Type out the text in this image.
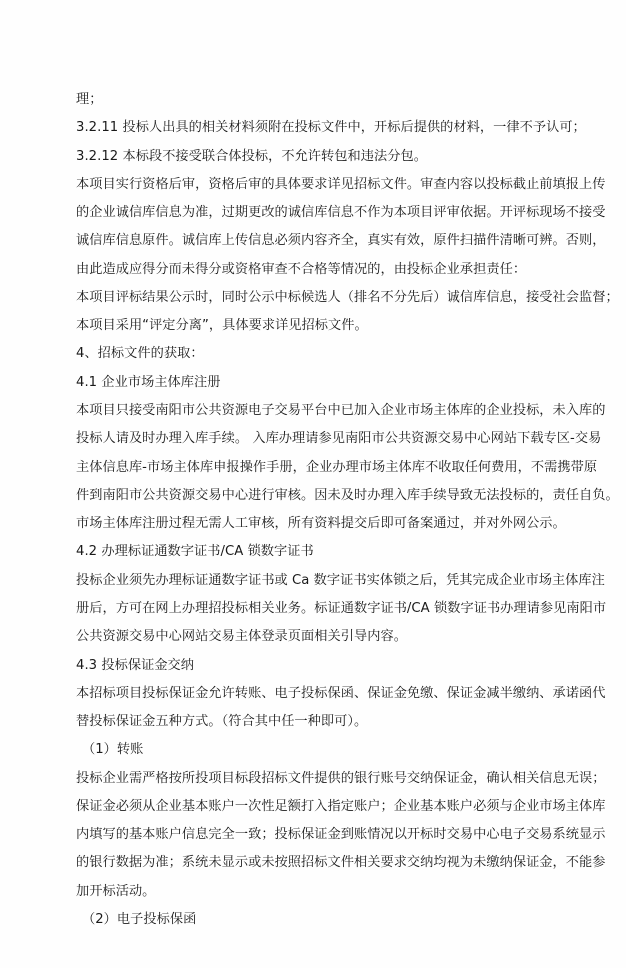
理；
3.2.11 投标人出具的相关材料须附在投标文件中，开标后提供的材料，一律不予认可；
3.2.12 本标段不接受联合体投标，不允许转包和违法分包。
本项目实行资格后审，资格后审的具体要求详见招标文件。审查内容以投标截止前填报上传
的企业诚信库信息为准，过期更改的诚信库信息不作为本项目评审依据。开评标现场不接受
诚信库信息原件。诚信库上传信息必须内容齐全，真实有效，原件扫描件清晰可辨。否则，
由此造成应得分而未得分或资格审查不合格等情况的，由投标企业承担责任：
本项目评标结果公示时，同时公示中标候选人（排名不分先后）诚信库信息，接受社会监督；
本项目采用“评定分离”，具体要求详见招标文件。
4、招标文件的获取：
4.1 企业市场主体库注册
本项目只接受南阳市公共资源电子交易平台中已加入企业市场主体库的企业投标，未入库的
投标人请及时办理入库手续。 入库办理请参见南阳市公共资源交易中心网站下载专区-交易
主体信息库-市场主体库申报操作手册，企业办理市场主体库不收取任何费用，不需携带原
件到南阳市公共资源交易中心进行审核。因未及时办理入库手续导致无法投标的，责任自负。
市场主体库注册过程无需人工审核，所有资料提交后即可备案通过，并对外网公示。
4.2 办理标证通数字证书/CA 锁数字证书
投标企业须先办理标证通数字证书或 Ca 数字证书实体锁之后，凭其完成企业市场主体库注
册后，方可在网上办理招投标相关业务。标证通数字证书/CA 锁数字证书办理请参见南阳市
公共资源交易中心网站交易主体登录页面相关引导内容。
4.3 投标保证金交纳
本招标项目投标保证金允许转账、电子投标保函、保证金免缴、保证金减半缴纳、承诺函代
替投标保证金五种方式。（符合其中任一种即可）。
（1）转账
投标企业需严格按所投项目标段招标文件提供的银行账号交纳保证金，确认相关信息无误；
保证金必须从企业基本账户一次性足额打入指定账户；企业基本账户必须与企业市场主体库
内填写的基本账户信息完全一致；投标保证金到账情况以开标时交易中心电子交易系统显示
的银行数据为准；系统未显示或未按照招标文件相关要求交纳均视为未缴纳保证金，不能参
加开标活动。
（2）电子投标保函
